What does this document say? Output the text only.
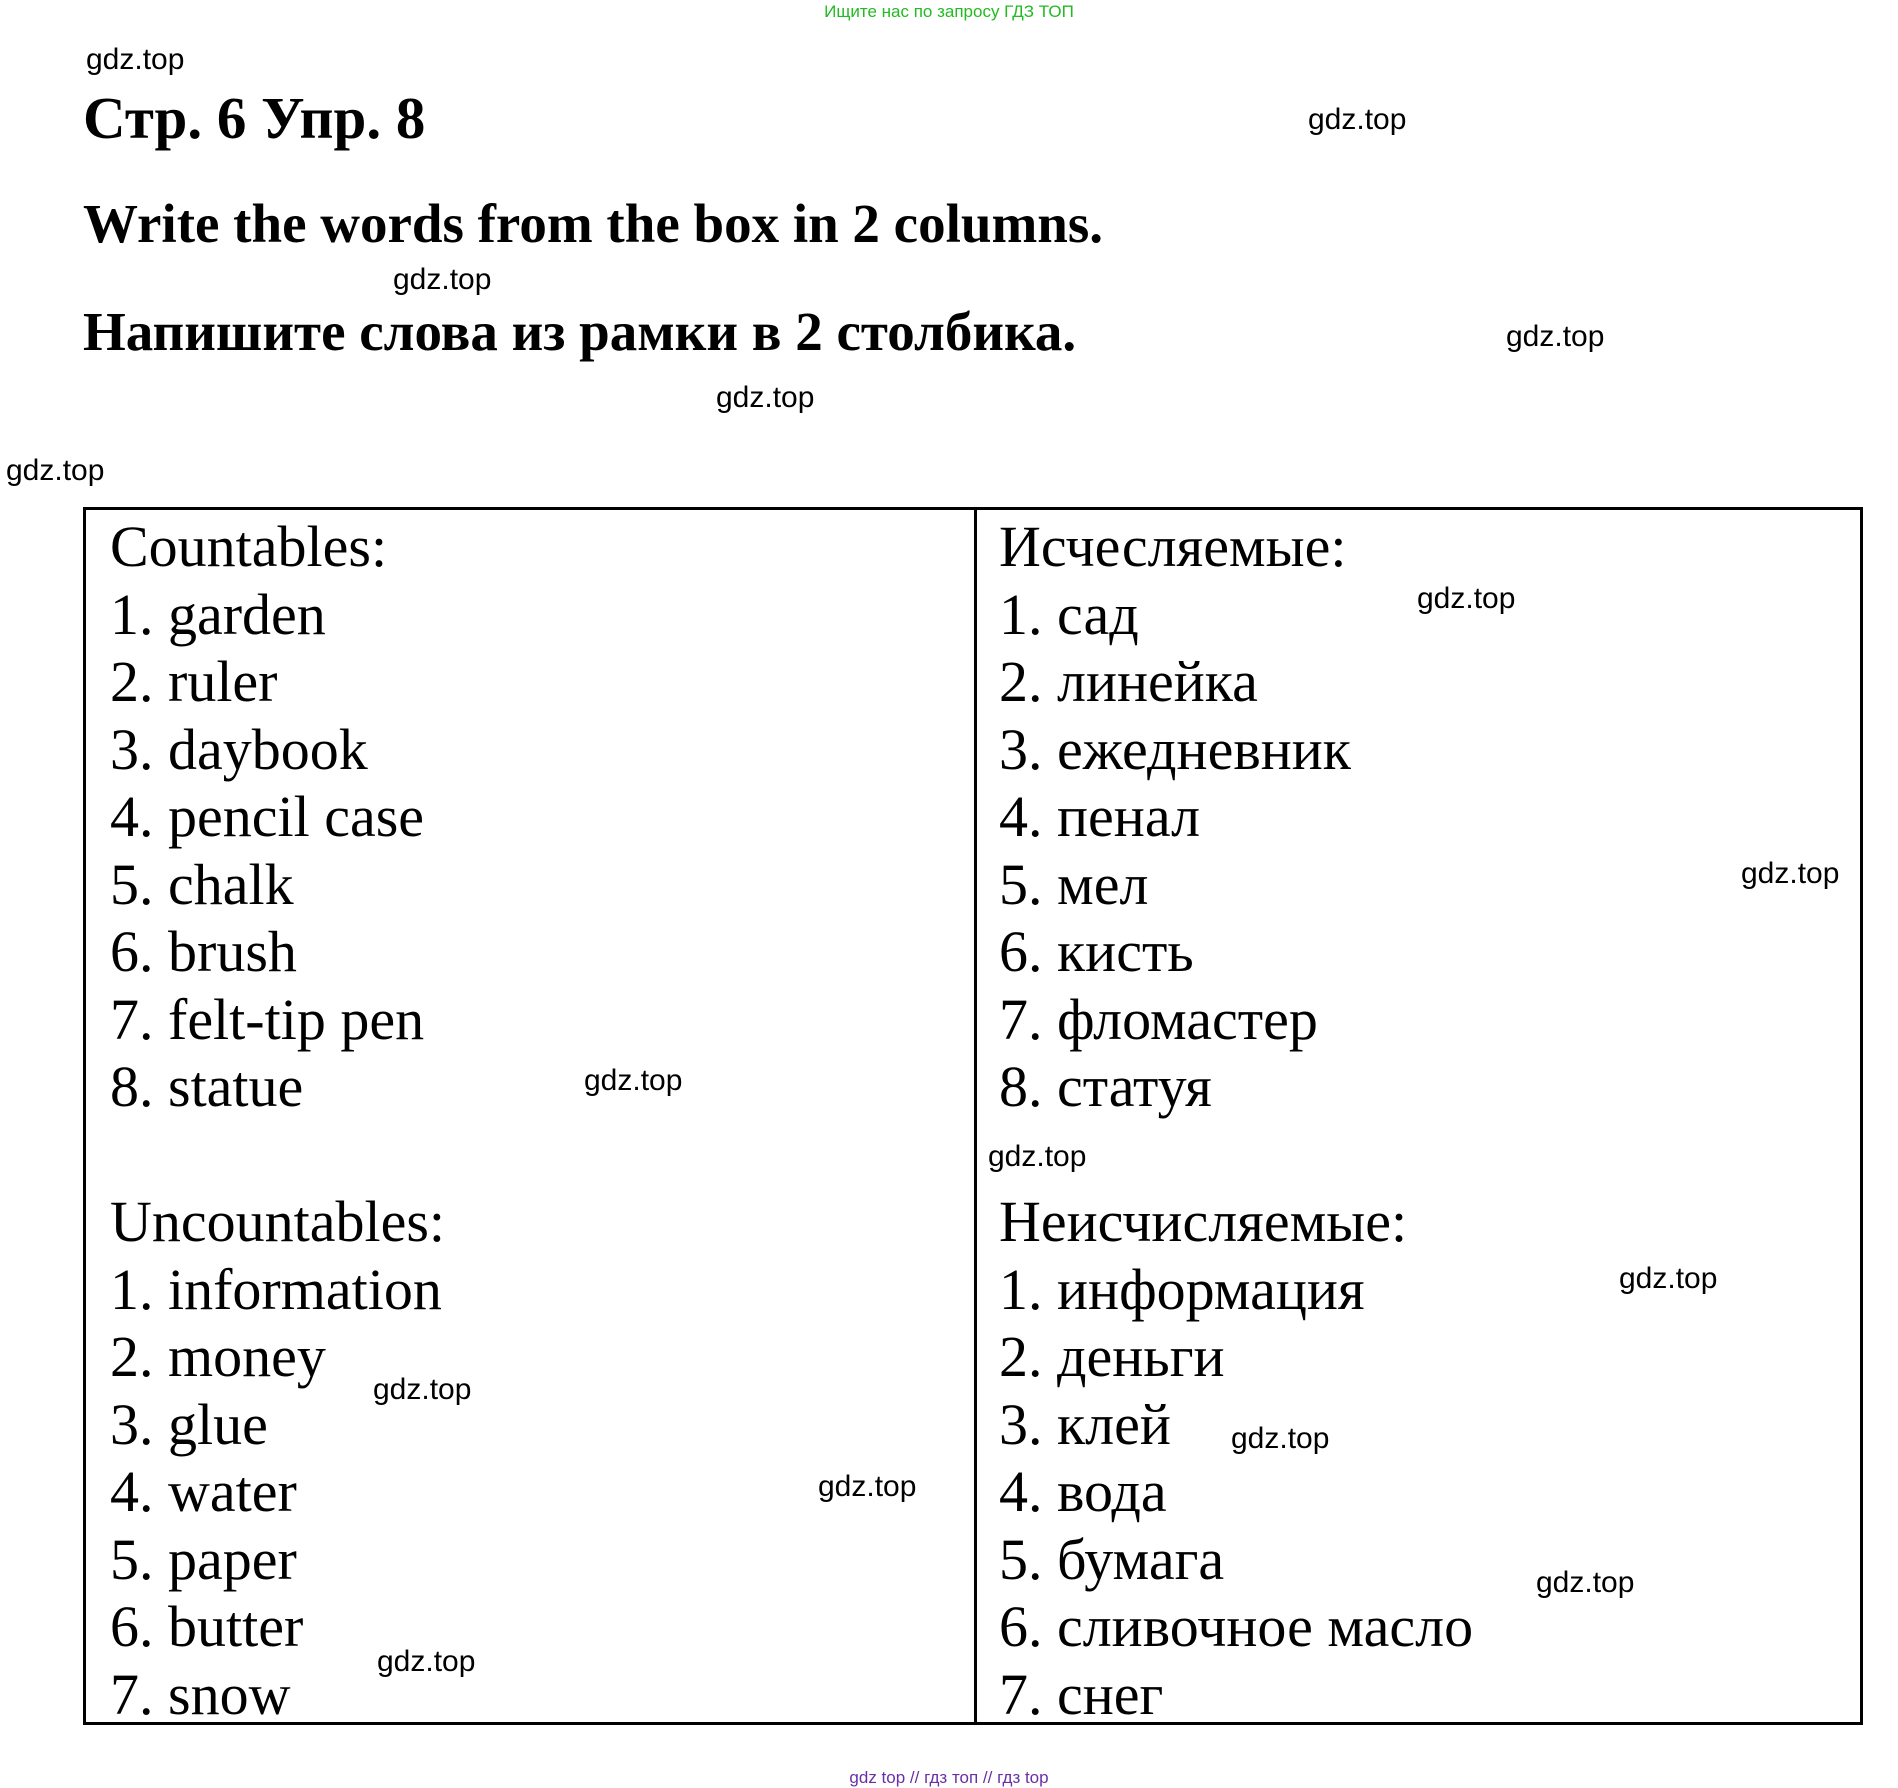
Ищите нас по запросу ГДЗ ТОП
gdz.top
gdz.top
gdz.top
gdz.top
gdz.top
gdz.top
Стр. 6 Упр. 8
Write the words from the box in 2 columns.
Напишите слова из рамки в 2 столбика.
Countables:
1. garden
2. ruler
3. daybook
4. pencil case
5. chalk
6. brush
7. felt-tip pen
8. statue
Uncountables:
1. information
2. money
3. glue
4. water
5. paper
6. butter
7. snow
Исчесляемые:
1. сад
2. линейка
3. ежедневник
4. пенал
5. мел
6. кисть
7. фломастер
8. статуя
Неисчисляемые:
1. информация
2. деньги
3. клей
4. вода
5. бумага
6. сливочное масло
7. снег
gdz.top
gdz.top
gdz.top
gdz.top
gdz.top
gdz.top
gdz.top
gdz.top
gdz.top
gdz.top
gdz top // гдз топ // гдз top
